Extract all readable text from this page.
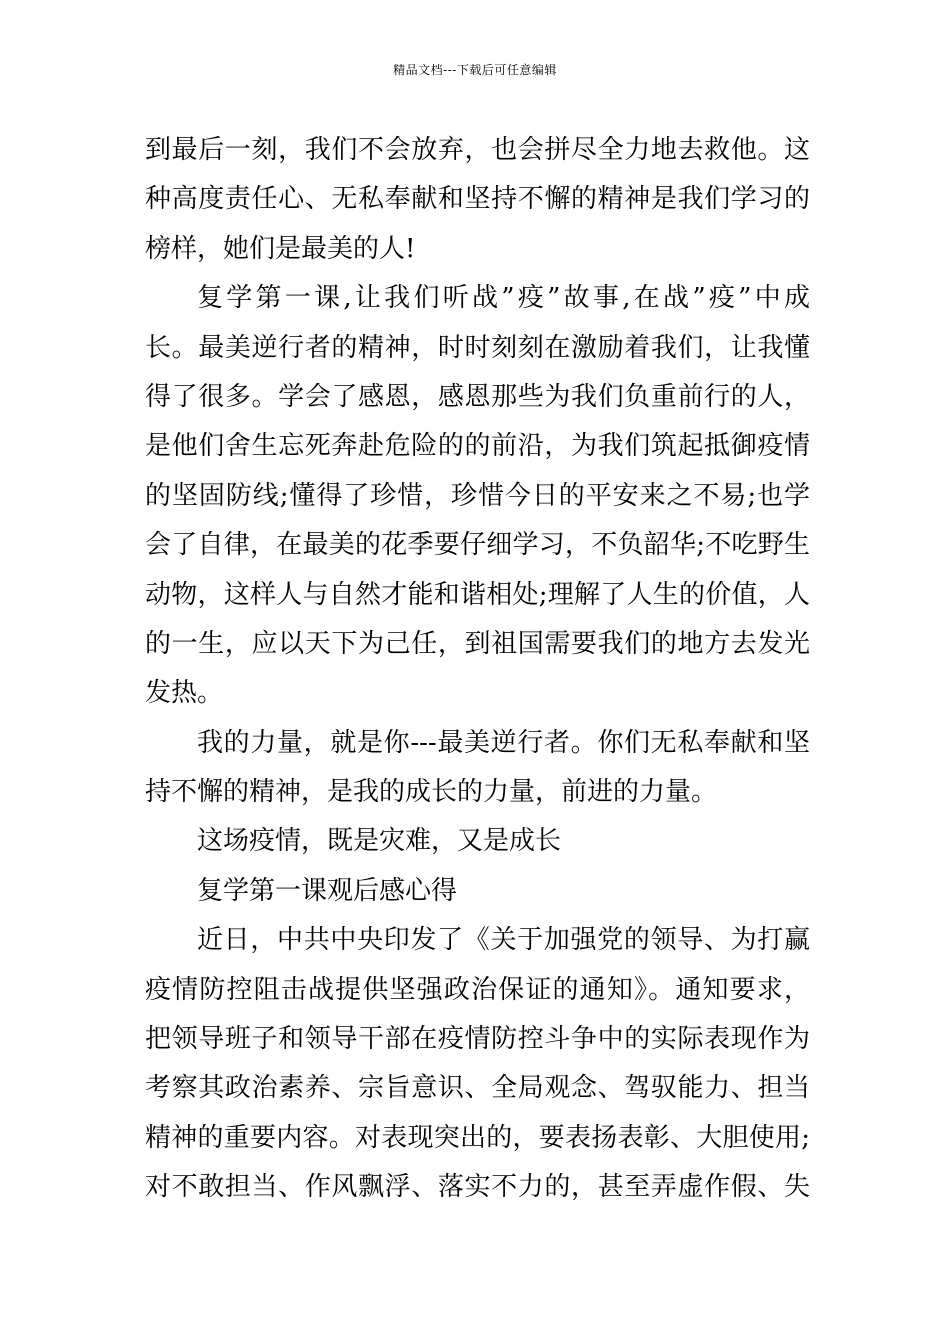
精品文档---下载后可任意编辑

到最后一刻，我们不会放弃，也会拼尽全力地去救他。这
种高度责任心、无私奉献和坚持不懈的精神是我们学习的
榜样，她们是最美的人!

复学第一课,让我们听战”疫”故事,在战”疫”中成
长。最美逆行者的精神，时时刻刻在激励着我们，让我懂
得了很多。学会了感恩，感恩那些为我们负重前行的人，
是他们舍生忘死奔赴危险的的前沿，为我们筑起抵御疫情
的坚固防线;懂得了珍惜，珍惜今日的平安来之不易;也学
会了自律，在最美的花季要仔细学习，不负韶华;不吃野生
动物，这样人与自然才能和谐相处;理解了人生的价值，人
的一生，应以天下为己任，到祖国需要我们的地方去发光
发热。

我的力量，就是你---最美逆行者。你们无私奉献和坚
持不懈的精神，是我的成长的力量，前进的力量。

这场疫情，既是灾难，又是成长

复学第一课观后感心得

近日，中共中央印发了《关于加强党的领导、为打赢
疫情防控阻击战提供坚强政治保证的通知》。通知要求，
把领导班子和领导干部在疫情防控斗争中的实际表现作为
考察其政治素养、宗旨意识、全局观念、驾驭能力、担当
精神的重要内容。对表现突出的，要表扬表彰、大胆使用;
对不敢担当、作风飘浮、落实不力的，甚至弄虚作假、失
